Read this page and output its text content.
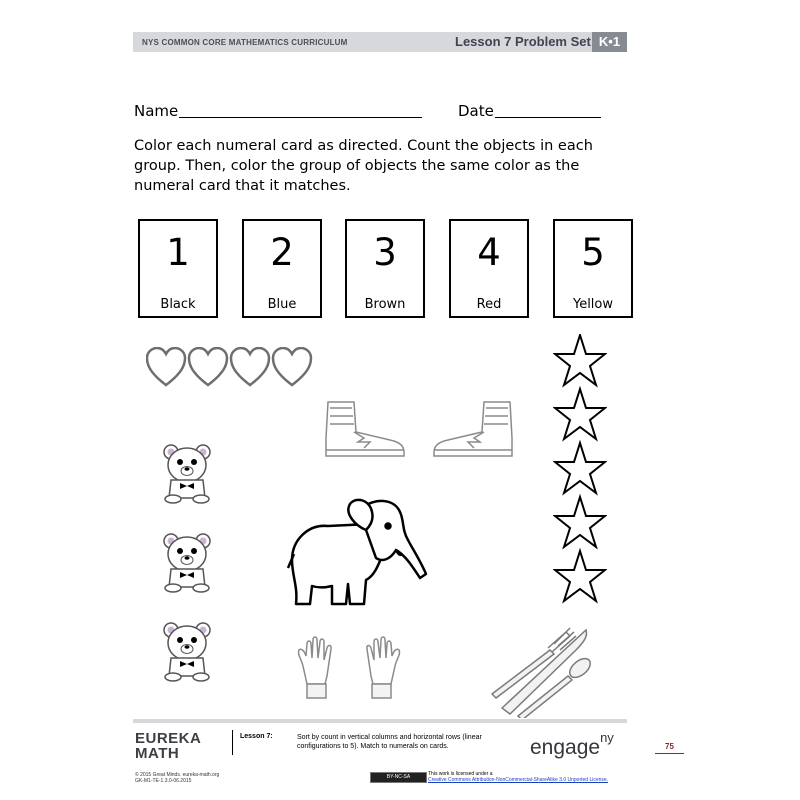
NYS COMMON CORE MATHEMATICS CURRICULUM	Lesson 7 Problem Set K•1
Name	Date
Color each numeral card as directed. Count the objects in each group. Then, color the group of objects the same color as the numeral card that it matches.
1
Black
2
Blue
3
Brown
4
Red
5
Yellow
EUREKA
MATH
Lesson 7:	Sort by count in vertical columns and horizontal rows (linear configurations to 5). Match to numerals on cards.	engage$^{ny}$
75
© 2015 Great Minds. eureka-math.org
GK-M1-TE-1.3.0-06.2015
BY-NC-SA	This work is licensed under a
Creative Commons Attribution-NonCommercial-ShareAlike 3.0 Unported License.
